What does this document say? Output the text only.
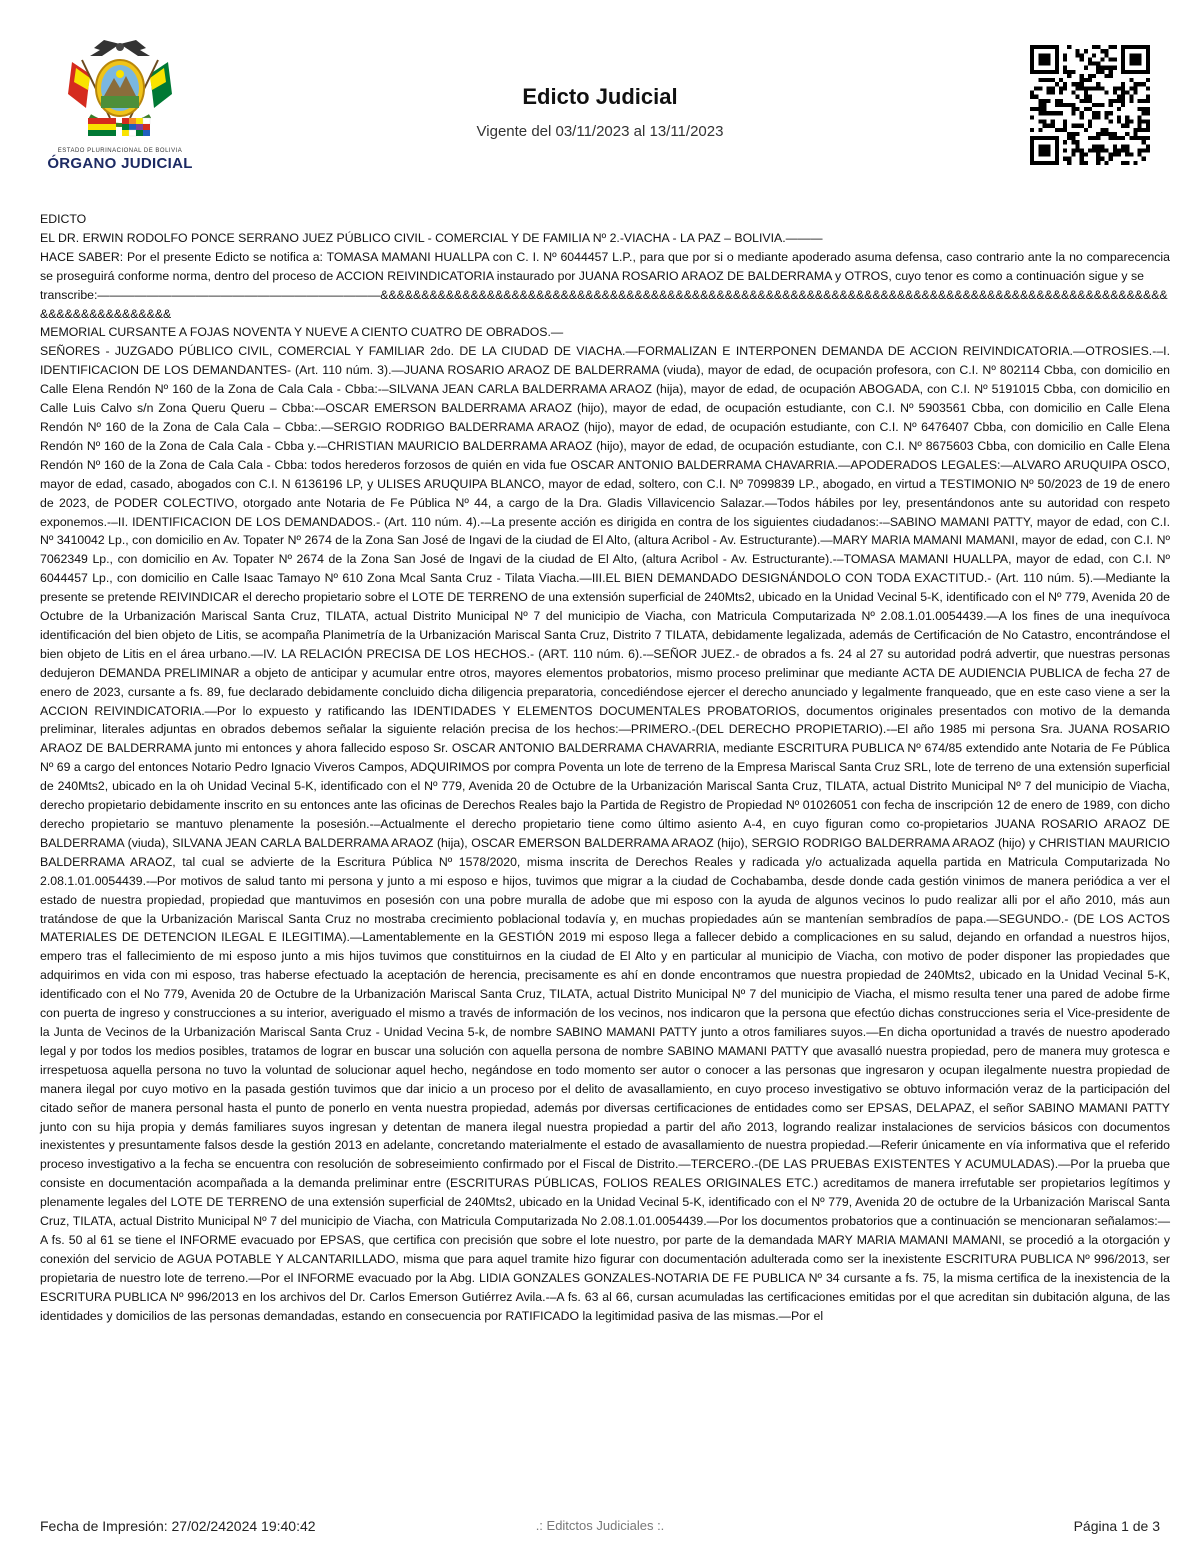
ESTADO PLURINACIONAL DE BOLIVIA
ÓRGANO JUDICIAL
Edicto Judicial
Vigente del 03/11/2023 al 13/11/2023

EDICTO

EL DR. ERWIN RODOLFO PONCE SERRANO JUEZ PÚBLICO CIVIL - COMERCIAL Y DE FAMILIA Nº 2.-VIACHA - LA PAZ – BOLIVIA.———

HACE SABER: Por el presente Edicto se notifica a: TOMASA MAMANI HUALLPA con C. I. Nº 6044457 L.P., para que por si o mediante apoderado asuma defensa, caso contrario ante la no comparecencia se proseguirá conforme norma, dentro del proceso de ACCION REIVINDICATORIA instaurado por JUANA ROSARIO ARAOZ DE BALDERRAMA y OTROS, cuyo tenor es como a continuación sigue y se

transcribe:———————————————————————&&&&&&&&&&&&&&&&&&&&&&&&&&&&&&&&&&&&&&&&&&&&&&&&&&&&&&&&&&&&&&&&&&&&&&&&&&&&&&&&&&&&&&&&&&&&&&&&&&&&&&&&&&&&&&&&

MEMORIAL CURSANTE A FOJAS NOVENTA Y NUEVE A CIENTO CUATRO DE OBRADOS.—

SEÑORES - JUZGADO PÚBLICO CIVIL, COMERCIAL Y FAMILIAR 2do. DE LA CIUDAD DE VIACHA.—FORMALIZAN E INTERPONEN DEMANDA DE ACCION REIVINDICATORIA.—OTROSIES.-–I. IDENTIFICACION DE LOS DEMANDANTES- (Art. 110 núm. 3).—JUANA ROSARIO ARAOZ DE BALDERRAMA (viuda), mayor de edad, de ocupación profesora, con C.I. Nº 802114 Cbba, con domicilio en Calle Elena Rendón Nº 160 de la Zona de Cala Cala - Cbba:-–SILVANA JEAN CARLA BALDERRAMA ARAOZ (hija), mayor de edad, de ocupación ABOGADA, con C.I. Nº 5191015 Cbba, con domicilio en Calle Luis Calvo s/n Zona Queru Queru – Cbba:-–OSCAR EMERSON BALDERRAMA ARAOZ (hijo), mayor de edad, de ocupación estudiante, con C.I. Nº 5903561 Cbba, con domicilio en Calle Elena Rendón Nº 160 de la Zona de Cala Cala – Cbba:.—SERGIO RODRIGO BALDERRAMA ARAOZ (hijo), mayor de edad, de ocupación estudiante, con C.I. Nº 6476407 Cbba, con domicilio en Calle Elena Rendón Nº 160 de la Zona de Cala Cala - Cbba y.-–CHRISTIAN MAURICIO BALDERRAMA ARAOZ (hijo), mayor de edad, de ocupación estudiante, con C.I. Nº 8675603 Cbba, con domicilio en Calle Elena Rendón Nº 160 de la Zona de Cala Cala - Cbba: todos herederos forzosos de quién en vida fue OSCAR ANTONIO BALDERRAMA CHAVARRIA.—APODERADOS LEGALES:—ALVARO ARUQUIPA OSCO, mayor de edad, casado, abogados con C.I. N 6136196 LP, y ULISES ARUQUIPA BLANCO, mayor de edad, soltero, con C.I. Nº 7099839 LP., abogado, en virtud a TESTIMONIO Nº 50/2023 de 19 de enero de 2023, de PODER COLECTIVO, otorgado ante Notaria de Fe Pública Nº 44, a cargo de la Dra. Gladis Villavicencio Salazar.—Todos hábiles por ley, presentándonos ante su autoridad con respeto exponemos.-–II. IDENTIFICACION DE LOS DEMANDADOS.- (Art. 110 núm. 4).-–La presente acción es dirigida en contra de los siguientes ciudadanos:-–SABINO MAMANI PATTY, mayor de edad, con C.I. Nº 3410042 Lp., con domicilio en Av. Topater Nº 2674 de la Zona San José de Ingavi de la ciudad de El Alto, (altura Acribol - Av. Estructurante).—MARY MARIA MAMANI MAMANI, mayor de edad, con C.I. Nº 7062349 Lp., con domicilio en Av. Topater Nº 2674 de la Zona San José de Ingavi de la ciudad de El Alto, (altura Acribol - Av. Estructurante).-–TOMASA MAMANI HUALLPA, mayor de edad, con C.I. Nº 6044457 Lp., con domicilio en Calle Isaac Tamayo Nº 610 Zona Mcal Santa Cruz - Tilata Viacha.—III.EL BIEN DEMANDADO DESIGNÁNDOLO CON TODA EXACTITUD.- (Art. 110 núm. 5).—Mediante la presente se pretende REIVINDICAR el derecho propietario sobre el LOTE DE TERRENO de una extensión superficial de 240Mts2, ubicado en la Unidad Vecinal 5-K, identificado con el Nº 779, Avenida 20 de Octubre de la Urbanización Mariscal Santa Cruz, TILATA, actual Distrito Municipal Nº 7 del municipio de Viacha, con Matricula Computarizada Nº 2.08.1.01.0054439.—A los fines de una inequívoca identificación del bien objeto de Litis, se acompaña Planimetría de la Urbanización Mariscal Santa Cruz, Distrito 7 TILATA, debidamente legalizada, además de Certificación de No Catastro, encontrándose el bien objeto de Litis en el área urbano.—IV. LA RELACIÓN PRECISA DE LOS HECHOS.- (ART. 110 núm. 6).-–SEÑOR JUEZ.- de obrados a fs. 24 al 27 su autoridad podrá advertir, que nuestras personas dedujeron DEMANDA PRELIMINAR a objeto de anticipar y acumular entre otros, mayores elementos probatorios, mismo proceso preliminar que mediante ACTA DE AUDIENCIA PUBLICA de fecha 27 de enero de 2023, cursante a fs. 89, fue declarado debidamente concluido dicha diligencia preparatoria, concediéndose ejercer el derecho anunciado y legalmente franqueado, que en este caso viene a ser la ACCION REIVINDICATORIA.—Por lo expuesto y ratificando las IDENTIDADES Y ELEMENTOS DOCUMENTALES PROBATORIOS, documentos originales presentados con motivo de la demanda preliminar, literales adjuntas en obrados debemos señalar la siguiente relación precisa de los hechos:—PRIMERO.-(DEL DERECHO PROPIETARIO).-–El año 1985 mi persona Sra. JUANA ROSARIO ARAOZ DE BALDERRAMA junto mi entonces y ahora fallecido esposo Sr. OSCAR ANTONIO BALDERRAMA CHAVARRIA, mediante ESCRITURA PUBLICA Nº 674/85 extendido ante Notaria de Fe Pública Nº 69 a cargo del entonces Notario Pedro Ignacio Viveros Campos, ADQUIRIMOS por compra Poventa un lote de terreno de la Empresa Mariscal Santa Cruz SRL, lote de terreno de una extensión superficial de 240Mts2, ubicado en la oh Unidad Vecinal 5-K, identificado con el Nº 779, Avenida 20 de Octubre de la Urbanización Mariscal Santa Cruz, TILATA, actual Distrito Municipal Nº 7 del municipio de Viacha, derecho propietario debidamente inscrito en su entonces ante las oficinas de Derechos Reales bajo la Partida de Registro de Propiedad Nº 01026051 con fecha de inscripción 12 de enero de 1989, con dicho derecho propietario se mantuvo plenamente la posesión.-–Actualmente el derecho propietario tiene como último asiento A-4, en cuyo figuran como co-propietarios JUANA ROSARIO ARAOZ DE BALDERRAMA (viuda), SILVANA JEAN CARLA BALDERRAMA ARAOZ (hija), OSCAR EMERSON BALDERRAMA ARAOZ (hijo), SERGIO RODRIGO BALDERRAMA ARAOZ (hijo) y CHRISTIAN MAURICIO BALDERRAMA ARAOZ, tal cual se advierte de la Escritura Pública Nº 1578/2020, misma inscrita de Derechos Reales y radicada y/o actualizada aquella partida en Matricula Computarizada No 2.08.1.01.0054439.-–Por motivos de salud tanto mi persona y junto a mi esposo e hijos, tuvimos que migrar a la ciudad de Cochabamba, desde donde cada gestión vinimos de manera periódica a ver el estado de nuestra propiedad, propiedad que mantuvimos en posesión con una pobre muralla de adobe que mi esposo con la ayuda de algunos vecinos lo pudo realizar alli por el año 2010, más aun tratándose de que la Urbanización Mariscal Santa Cruz no mostraba crecimiento poblacional todavía y, en muchas propiedades aún se mantenían sembradíos de papa.—SEGUNDO.- (DE LOS ACTOS MATERIALES DE DETENCION ILEGAL E ILEGITIMA).—Lamentablemente en la GESTIÓN 2019 mi esposo llega a fallecer debido a complicaciones en su salud, dejando en orfandad a nuestros hijos, empero tras el fallecimiento de mi esposo junto a mis hijos tuvimos que constituirnos en la ciudad de El Alto y en particular al municipio de Viacha, con motivo de poder disponer las propiedades que adquirimos en vida con mi esposo, tras haberse efectuado la aceptación de herencia, precisamente es ahí en donde encontramos que nuestra propiedad de 240Mts2, ubicado en la Unidad Vecinal 5-K, identificado con el No 779, Avenida 20 de Octubre de la Urbanización Mariscal Santa Cruz, TILATA, actual Distrito Municipal Nº 7 del municipio de Viacha, el mismo resulta tener una pared de adobe firme con puerta de ingreso y construcciones a su interior, averiguado el mismo a través de información de los vecinos, nos indicaron que la persona que efectúo dichas construcciones seria el Vice-presidente de la Junta de Vecinos de la Urbanización Mariscal Santa Cruz - Unidad Vecina 5-k, de nombre SABINO MAMANI PATTY junto a otros familiares suyos.—En dicha oportunidad a través de nuestro apoderado legal y por todos los medios posibles, tratamos de lograr en buscar una solución con aquella persona de nombre SABINO MAMANI PATTY que avasalló nuestra propiedad, pero de manera muy grotesca e irrespetuosa aquella persona no tuvo la voluntad de solucionar aquel hecho, negándose en todo momento ser autor o conocer a las personas que ingresaron y ocupan ilegalmente nuestra propiedad de manera ilegal por cuyo motivo en la pasada gestión tuvimos que dar inicio a un proceso por el delito de avasallamiento, en cuyo proceso investigativo se obtuvo información veraz de la participación del citado señor de manera personal hasta el punto de ponerlo en venta nuestra propiedad, además por diversas certificaciones de entidades como ser EPSAS, DELAPAZ, el señor SABINO MAMANI PATTY junto con su hija propia y demás familiares suyos ingresan y detentan de manera ilegal nuestra propiedad a partir del año 2013, logrando realizar instalaciones de servicios básicos con documentos inexistentes y presuntamente falsos desde la gestión 2013 en adelante, concretando materialmente el estado de avasallamiento de nuestra propiedad.—Referir únicamente en vía informativa que el referido proceso investigativo a la fecha se encuentra con resolución de sobreseimiento confirmado por el Fiscal de Distrito.—TERCERO.-(DE LAS PRUEBAS EXISTENTES Y ACUMULADAS).—Por la prueba que consiste en documentación acompañada a la demanda preliminar entre (ESCRITURAS PÚBLICAS, FOLIOS REALES ORIGINALES ETC.) acreditamos de manera irrefutable ser propietarios legítimos y plenamente legales del LOTE DE TERRENO de una extensión superficial de 240Mts2, ubicado en la Unidad Vecinal 5-K, identificado con el Nº 779, Avenida 20 de octubre de la Urbanización Mariscal Santa Cruz, TILATA, actual Distrito Municipal Nº 7 del municipio de Viacha, con Matricula Computarizada No 2.08.1.01.0054439.—Por los documentos probatorios que a continuación se mencionaran señalamos:—A fs. 50 al 61 se tiene el INFORME evacuado por EPSAS, que certifica con precisión que sobre el lote nuestro, por parte de la demandada MARY MARIA MAMANI MAMANI, se procedió a la otorgación y conexión del servicio de AGUA POTABLE Y ALCANTARILLADO, misma que para aquel tramite hizo figurar con documentación adulterada como ser la inexistente ESCRITURA PUBLICA Nº 996/2013, ser propietaria de nuestro lote de terreno.—Por el INFORME evacuado por la Abg. LIDIA GONZALES GONZALES-NOTARIA DE FE PUBLICA Nº 34 cursante a fs. 75, la misma certifica de la inexistencia de la ESCRITURA PUBLICA Nº 996/2013 en los archivos del Dr. Carlos Emerson Gutiérrez Avila.-–A fs. 63 al 66, cursan acumuladas las certificaciones emitidas por el que acreditan sin dubitación alguna, de las identidades y domicilios de las personas demandadas, estando en consecuencia por RATIFICADO la legitimidad pasiva de las mismas.—Por el

Fecha de Impresión: 27/02/242024 19:40:42	.: Editctos Judiciales :.	Página 1 de 3
